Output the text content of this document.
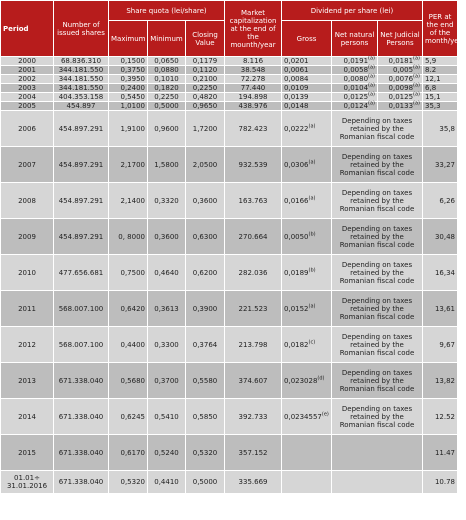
Period	Number of issued shares	Share quota (lei/share)			Market capitalization at the end of the mounth/year	Dividend per share (lei)			PER at the end of the month/year
		Maximum	Minimum	Closing Value		Gross	Net natural persons	Net Judicial Persons	
2000	68.836.310	0,1500	0,0650	0,1179	8.116	0,0201	0,0191$^{(a)}$	0,0181$^{(a)}$	5,9
2001	344.181.550	0,3750	0,0880	0,1120	38.548	0,0061	0,0058$^{(a)}$	0,005$^{(a)}$	8.2
2002	344.181.550	0,3950	0,1010	0,2100	72.278	0,0084	0,0080$^{(a)}$	0,0076$^{(a)}$	12,1
2003	344.181.550	0,2400	0,1820	0,2250	77.440	0,0109	0,0104$^{(a)}$	0,0098$^{(a)}$	6,8
2004	404.353.158	0,5450	0,2250	0,4820	194.898	0,0139	0,0125$^{(a)}$	0,0125$^{(a)}$	15,1
2005	454.897	1,0100	0,5000	0,9650	438.976	0,0148	0,0124$^{(a)}$	0,0133$^{(a)}$	35,3
2006	454.897.291	1,9100	0,9600	1,7200	782.423	0,0222$^{(a)}$	Depending on taxes retained by the Romanian fiscal code		35,8
2007	454.897.291	2,1700	1,5800	2,0500	932.539	0,0306$^{(a)}$	Depending on taxes retained by the Romanian fiscal code		33,27
2008	454.897.291	2,1400	0,3320	0,3600	163.763	0,0166$^{(a)}$	Depending on taxes retained by the Romanian fiscal code		6,26
2009	454.897.291	0, 8000	0,3600	0,6300	270.664	0,0050$^{(b)}$	Depending on taxes retained by the Romanian fiscal code		30,48
2010	477.656.681	0,7500	0,4640	0,6200	282.036	0,0189$^{(b)}$	Depending on taxes retained by the Romanian fiscal code		16,34
2011	568.007.100	0,6420	0,3613	0,3900	221.523	0,0152$^{(a)}$	Depending on taxes retained by the Romanian fiscal code		13,61
2012	568.007.100	0,4400	0,3300	0,3764	213.798	0,0182$^{(c)}$	Depending on taxes retained by the Romanian fiscal code		9,67
2013	671.338.040	0,5680	0,3700	0,5580	374.607	0,023028$^{(d)}$	Depending on taxes retained by the Romanian fiscal code		13,82
2014	671.338.040	0,6245	0,5410	0,5850	392.733	0,0234557$^{(e)}$	Depending on taxes retained by the Romanian fiscal code		12.52
2015	671.338.040	0,6170	0,5240	0,5320	357.152				11.47
01.01÷ 31.01.2016	671.338.040	0,5320	0,4410	0,5000	335.669				10.78
